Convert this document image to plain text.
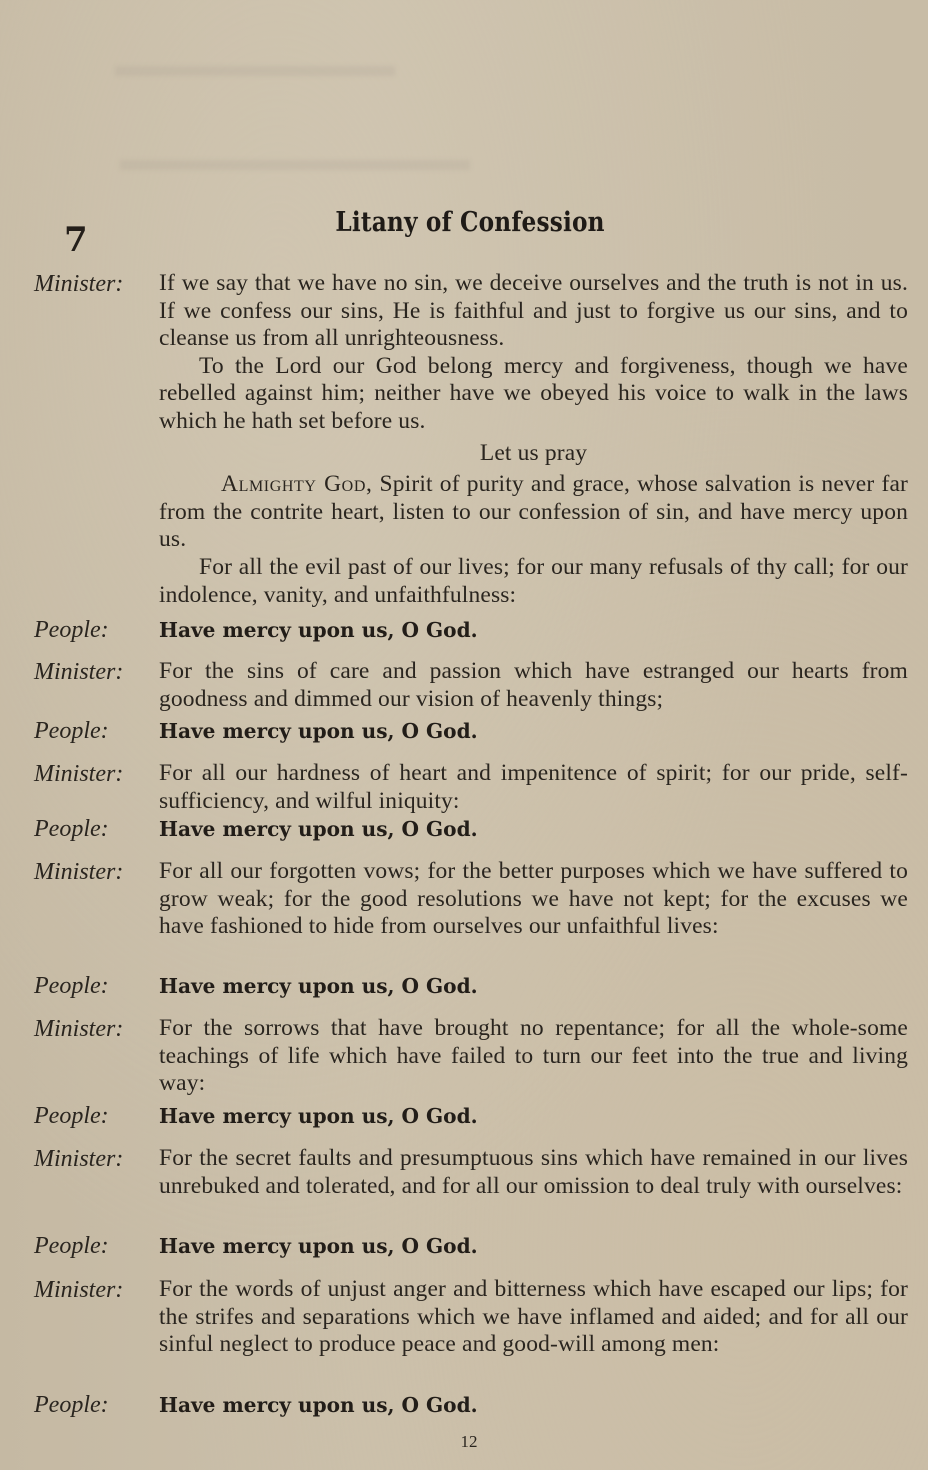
7	Litany of Confession
Minister: If we say that we have no sin, we deceive ourselves and the truth is not in us. If we confess our sins, He is faithful and just to forgive us our sins, and to cleanse us from all unrighteousness.

To the Lord our God belong mercy and forgiveness, though we have rebelled against him; neither have we obeyed his voice to walk in the laws which he hath set before us.

Let us pray

Almighty God, Spirit of purity and grace, whose salvation is never far from the contrite heart, listen to our confession of sin, and have mercy upon us.

For all the evil past of our lives; for our many refusals of thy call; for our indolence, vanity, and unfaithfulness:

People: Have mercy upon us, O God.
Minister: For the sins of care and passion which have estranged our hearts from goodness and dimmed our vision of heavenly things;
People: Have mercy upon us, O God.
Minister: For all our hardness of heart and impenitence of spirit; for our pride, self-sufficiency, and wilful iniquity:
People: Have mercy upon us, O God.
Minister: For all our forgotten vows; for the better purposes which we have suffered to grow weak; for the good resolutions we have not kept; for the excuses we have fashioned to hide from ourselves our unfaithful lives:
People: Have mercy upon us, O God.
Minister: For the sorrows that have brought no repentance; for all the whole-some teachings of life which have failed to turn our feet into the true and living way:
People: Have mercy upon us, O God.
Minister: For the secret faults and presumptuous sins which have remained in our lives unrebuked and tolerated, and for all our omission to deal truly with ourselves:
People: Have mercy upon us, O God.
Minister: For the words of unjust anger and bitterness which have escaped our lips; for the strifes and separations which we have inflamed and aided; and for all our sinful neglect to produce peace and good-will among men:
People: Have mercy upon us, O God.
12
